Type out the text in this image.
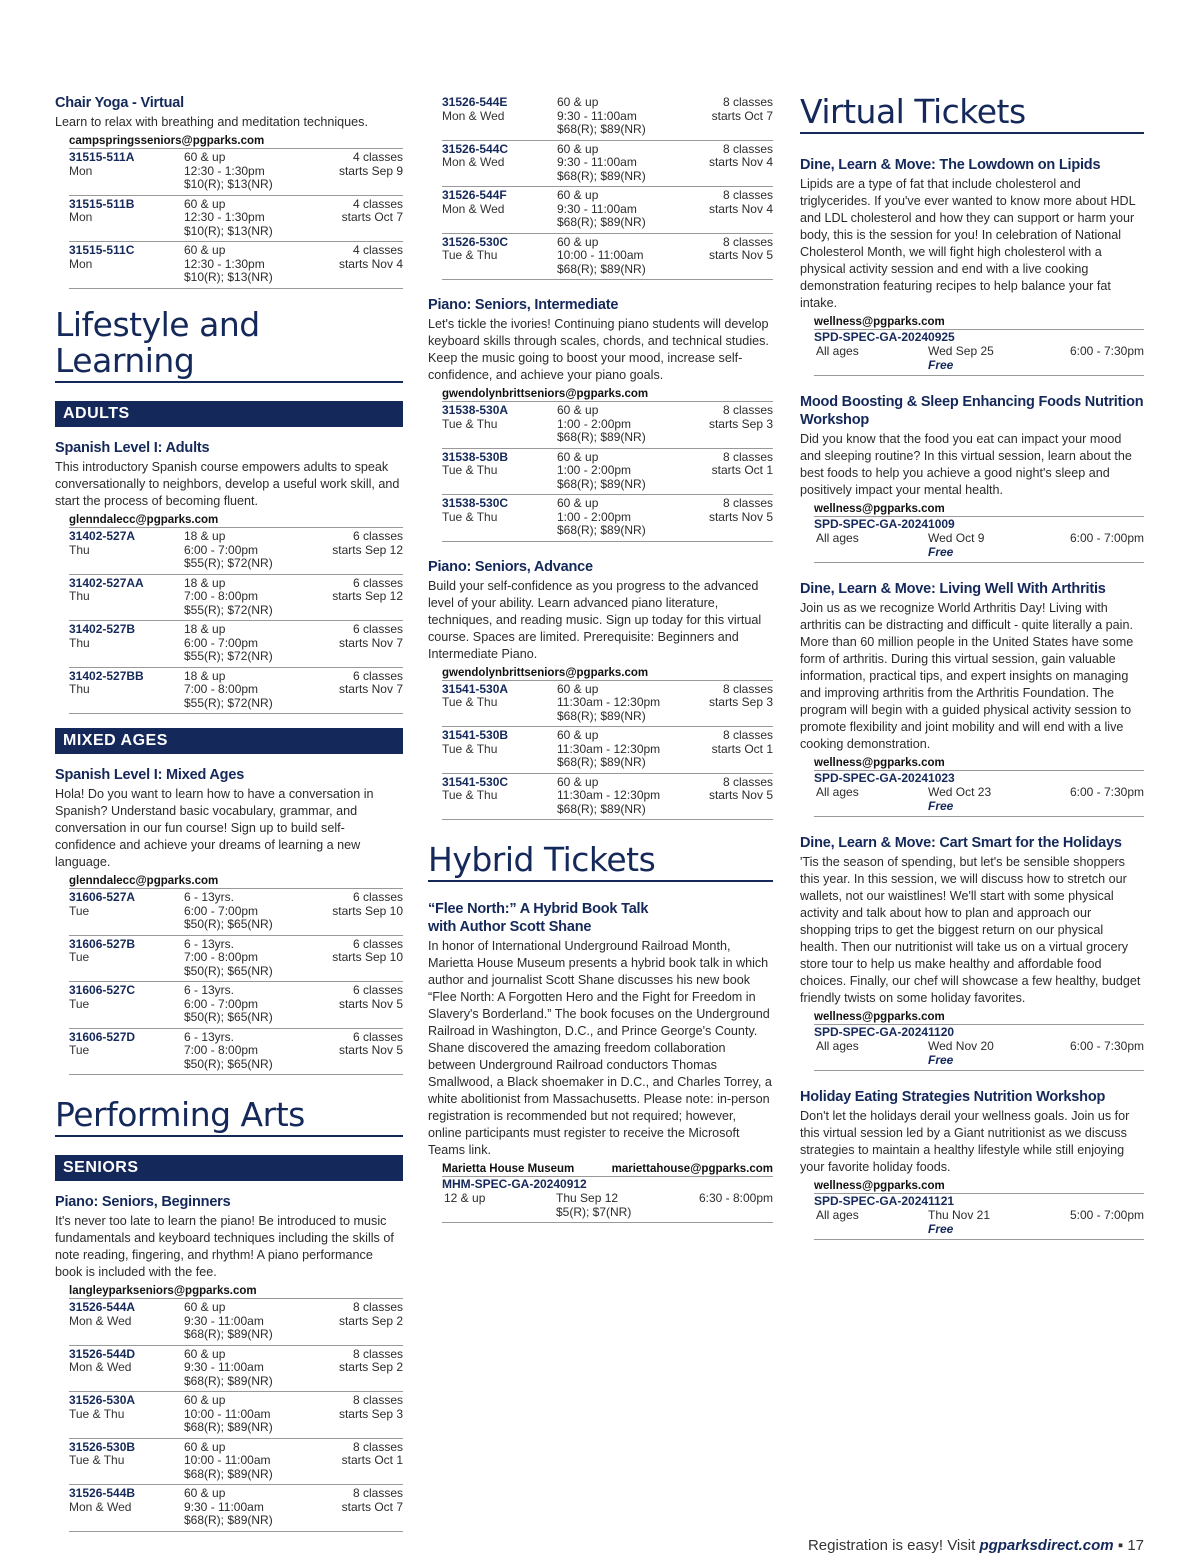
Chair Yoga - Virtual

Learn to relax with breathing and meditation techniques.

campspringsseniors@pgparks.com
31515-511A
Mon
60 & up
12:30 - 1:30pm
$10(R); $13(NR)
4 classes
starts Sep 9
31515-511B
Mon
60 & up
12:30 - 1:30pm
$10(R); $13(NR)
4 classes
starts Oct 7
31515-511C
Mon
60 & up
12:30 - 1:30pm
$10(R); $13(NR)
4 classes
starts Nov 4
Lifestyle and Learning
ADULTS
Spanish Level I: Adults

This introductory Spanish course empowers adults to speak conversationally to neighbors, develop a useful work skill, and start the process of becoming fluent.

glenndalecc@pgparks.com
31402-527A
Thu
18 & up
6:00 - 7:00pm
$55(R); $72(NR)
6 classes
starts Sep 12
31402-527AA
Thu
18 & up
7:00 - 8:00pm
$55(R); $72(NR)
6 classes
starts Sep 12
31402-527B
Thu
18 & up
6:00 - 7:00pm
$55(R); $72(NR)
6 classes
starts Nov 7
31402-527BB
Thu
18 & up
7:00 - 8:00pm
$55(R); $72(NR)
6 classes
starts Nov 7
MIXED AGES
Spanish Level I: Mixed Ages

Hola! Do you want to learn how to have a conversation in Spanish? Understand basic vocabulary, grammar, and conversation in our fun course! Sign up to build self-confidence and achieve your dreams of learning a new language.

glenndalecc@pgparks.com
31606-527A
Tue
6 - 13yrs.
6:00 - 7:00pm
$50(R); $65(NR)
6 classes
starts Sep 10
31606-527B
Tue
6 - 13yrs.
7:00 - 8:00pm
$50(R); $65(NR)
6 classes
starts Sep 10
31606-527C
Tue
6 - 13yrs.
6:00 - 7:00pm
$50(R); $65(NR)
6 classes
starts Nov 5
31606-527D
Tue
6 - 13yrs.
7:00 - 8:00pm
$50(R); $65(NR)
6 classes
starts Nov 5
Performing Arts
SENIORS
Piano: Seniors, Beginners

It's never too late to learn the piano! Be introduced to music fundamentals and keyboard techniques including the skills of note reading, fingering, and rhythm! A piano performance book is included with the fee.

langleyparkseniors@pgparks.com
31526-544A
Mon & Wed
60 & up
9:30 - 11:00am
$68(R); $89(NR)
8 classes
starts Sep 2
31526-544D
Mon & Wed
60 & up
9:30 - 11:00am
$68(R); $89(NR)
8 classes
starts Sep 2
31526-530A
Tue & Thu
60 & up
10:00 - 11:00am
$68(R); $89(NR)
8 classes
starts Sep 3
31526-530B
Tue & Thu
60 & up
10:00 - 11:00am
$68(R); $89(NR)
8 classes
starts Oct 1
31526-544B
Mon & Wed
60 & up
9:30 - 11:00am
$68(R); $89(NR)
8 classes
starts Oct 7
31526-544E
Mon & Wed
60 & up
9:30 - 11:00am
$68(R); $89(NR)
8 classes
starts Oct 7
31526-544C
Mon & Wed
60 & up
9:30 - 11:00am
$68(R); $89(NR)
8 classes
starts Nov 4
31526-544F
Mon & Wed
60 & up
9:30 - 11:00am
$68(R); $89(NR)
8 classes
starts Nov 4
31526-530C
Tue & Thu
60 & up
10:00 - 11:00am
$68(R); $89(NR)
8 classes
starts Nov 5
Piano: Seniors, Intermediate

Let's tickle the ivories! Continuing piano students will develop keyboard skills through scales, chords, and technical studies. Keep the music going to boost your mood, increase self-confidence, and achieve your piano goals.

gwendolynbrittseniors@pgparks.com
31538-530A
Tue & Thu
60 & up
1:00 - 2:00pm
$68(R); $89(NR)
8 classes
starts Sep 3
31538-530B
Tue & Thu
60 & up
1:00 - 2:00pm
$68(R); $89(NR)
8 classes
starts Oct 1
31538-530C
Tue & Thu
60 & up
1:00 - 2:00pm
$68(R); $89(NR)
8 classes
starts Nov 5
Piano: Seniors, Advance

Build your self-confidence as you progress to the advanced level of your ability. Learn advanced piano literature, techniques, and reading music. Sign up today for this virtual course. Spaces are limited. Prerequisite: Beginners and Intermediate Piano.

gwendolynbrittseniors@pgparks.com
31541-530A
Tue & Thu
60 & up
11:30am - 12:30pm
$68(R); $89(NR)
8 classes
starts Sep 3
31541-530B
Tue & Thu
60 & up
11:30am - 12:30pm
$68(R); $89(NR)
8 classes
starts Oct 1
31541-530C
Tue & Thu
60 & up
11:30am - 12:30pm
$68(R); $89(NR)
8 classes
starts Nov 5
Hybrid Tickets
“Flee North:” A Hybrid Book Talk with Author Scott Shane

In honor of International Underground Railroad Month, Marietta House Museum presents a hybrid book talk in which author and journalist Scott Shane discusses his new book “Flee North: A Forgotten Hero and the Fight for Freedom in Slavery's Borderland.” The book focuses on the Underground Railroad in Washington, D.C., and Prince George's County. Shane discovered the amazing freedom collaboration between Underground Railroad conductors Thomas Smallwood, a Black shoemaker in D.C., and Charles Torrey, a white abolitionist from Massachusetts. Please note: in-person registration is recommended but not required; however, online participants must register to receive the Microsoft Teams link.

Marietta House Museum	mariettahouse@pgparks.com
MHM-SPEC-GA-20240912
12 & up	Thu Sep 12	6:30 - 8:00pm
$5(R); $7(NR)
Virtual Tickets
Dine, Learn & Move: The Lowdown on Lipids

Lipids are a type of fat that include cholesterol and triglycerides. If you've ever wanted to know more about HDL and LDL cholesterol and how they can support or harm your body, this is the session for you! In celebration of National Cholesterol Month, we will fight high cholesterol with a physical activity session and end with a live cooking demonstration featuring recipes to help balance your fat intake.

wellness@pgparks.com
SPD-SPEC-GA-20240925
All ages	Wed Sep 25	6:00 - 7:30pm
Free
Mood Boosting & Sleep Enhancing Foods Nutrition Workshop

Did you know that the food you eat can impact your mood and sleeping routine? In this virtual session, learn about the best foods to help you achieve a good night's sleep and positively impact your mental health.

wellness@pgparks.com
SPD-SPEC-GA-20241009
All ages	Wed Oct 9	6:00 - 7:00pm
Free
Dine, Learn & Move: Living Well With Arthritis

Join us as we recognize World Arthritis Day! Living with arthritis can be distracting and difficult - quite literally a pain. More than 60 million people in the United States have some form of arthritis. During this virtual session, gain valuable information, practical tips, and expert insights on managing and improving arthritis from the Arthritis Foundation. The program will begin with a guided physical activity session to promote flexibility and joint mobility and will end with a live cooking demonstration.

wellness@pgparks.com
SPD-SPEC-GA-20241023
All ages	Wed Oct 23	6:00 - 7:30pm
Free
Dine, Learn & Move: Cart Smart for the Holidays

'Tis the season of spending, but let's be sensible shoppers this year. In this session, we will discuss how to stretch our wallets, not our waistlines! We'll start with some physical activity and talk about how to plan and approach our shopping trips to get the biggest return on our physical health. Then our nutritionist will take us on a virtual grocery store tour to help us make healthy and affordable food choices. Finally, our chef will showcase a few healthy, budget friendly twists on some holiday favorites.

wellness@pgparks.com
SPD-SPEC-GA-20241120
All ages	Wed Nov 20	6:00 - 7:30pm
Free
Holiday Eating Strategies Nutrition Workshop

Don't let the holidays derail your wellness goals. Join us for this virtual session led by a Giant nutritionist as we discuss strategies to maintain a healthy lifestyle while still enjoying your favorite holiday foods.

wellness@pgparks.com
SPD-SPEC-GA-20241121
All ages	Thu Nov 21	5:00 - 7:00pm
Free
Registration is easy! Visit pgparksdirect.com ▪ 17
